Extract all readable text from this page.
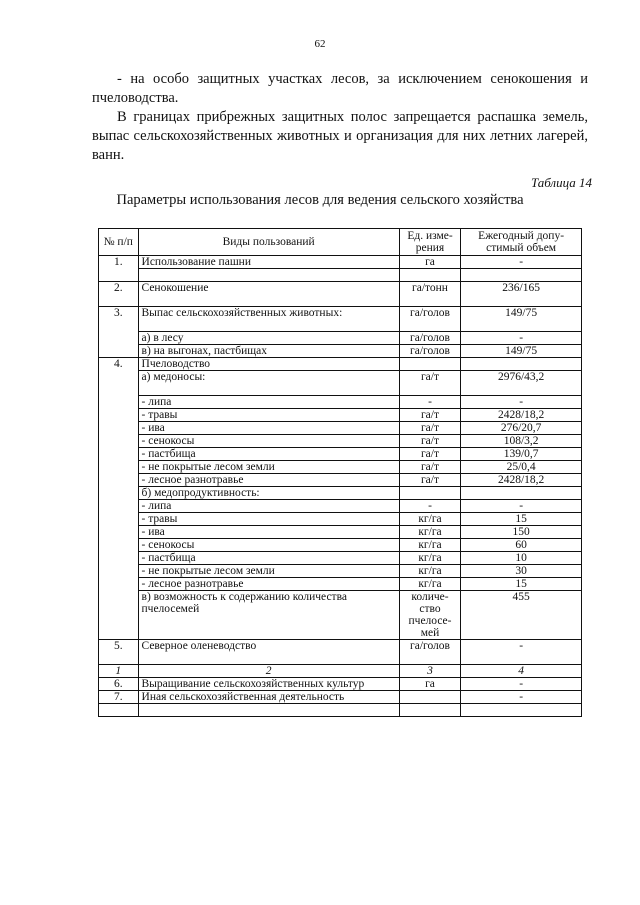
62

- на особо защитных участках лесов, за исключением сенокошения и пчеловодства.

В границах прибрежных защитных полос запрещается распашка земель, выпас сельскохозяйственных животных и организация для них летних лагерей, ванн.

Таблица 14
Параметры использования лесов для ведения сельского хозяйства
№ п/п	Виды пользований	Ед. изме-рения	Ежегодный допу-стимый объем
1.	Использование пашни	га	-

2.	Сенокошение	га/тонн	236/165

3.	Выпас сельскохозяйственных животных:	га/голов	149/75

	а) в лесу	га/голов	-
	в) на выгонах, пастбищах	га/голов	149/75
4.	Пчеловодство		
	а) медоносы:	га/т	2976/43,2

	- липа	-	-
	- травы	га/т	2428/18,2
	- ива	га/т	276/20,7
	- сенокосы	га/т	108/3,2
	- пастбища	га/т	139/0,7
	- не покрытые лесом земли	га/т	25/0,4
	- лесное разнотравье	га/т	2428/18,2
	б) медопродуктивность:		
	- липа	-	-
	- травы	кг/га	15
	- ива	кг/га	150
	- сенокосы	кг/га	60
	- пастбища	кг/га	10
	- не покрытые лесом земли	кг/га	30
	- лесное разнотравье	кг/га	15
	в) возможность к содержанию количества пчелосемей	количе-ство пчелосе-мей	455
5.	Северное оленеводство	га/голов	-

1	2	3	4
6.	Выращивание сельскохозяйственных культур	га	-
7.	Иная сельскохозяйственная деятельность		-
